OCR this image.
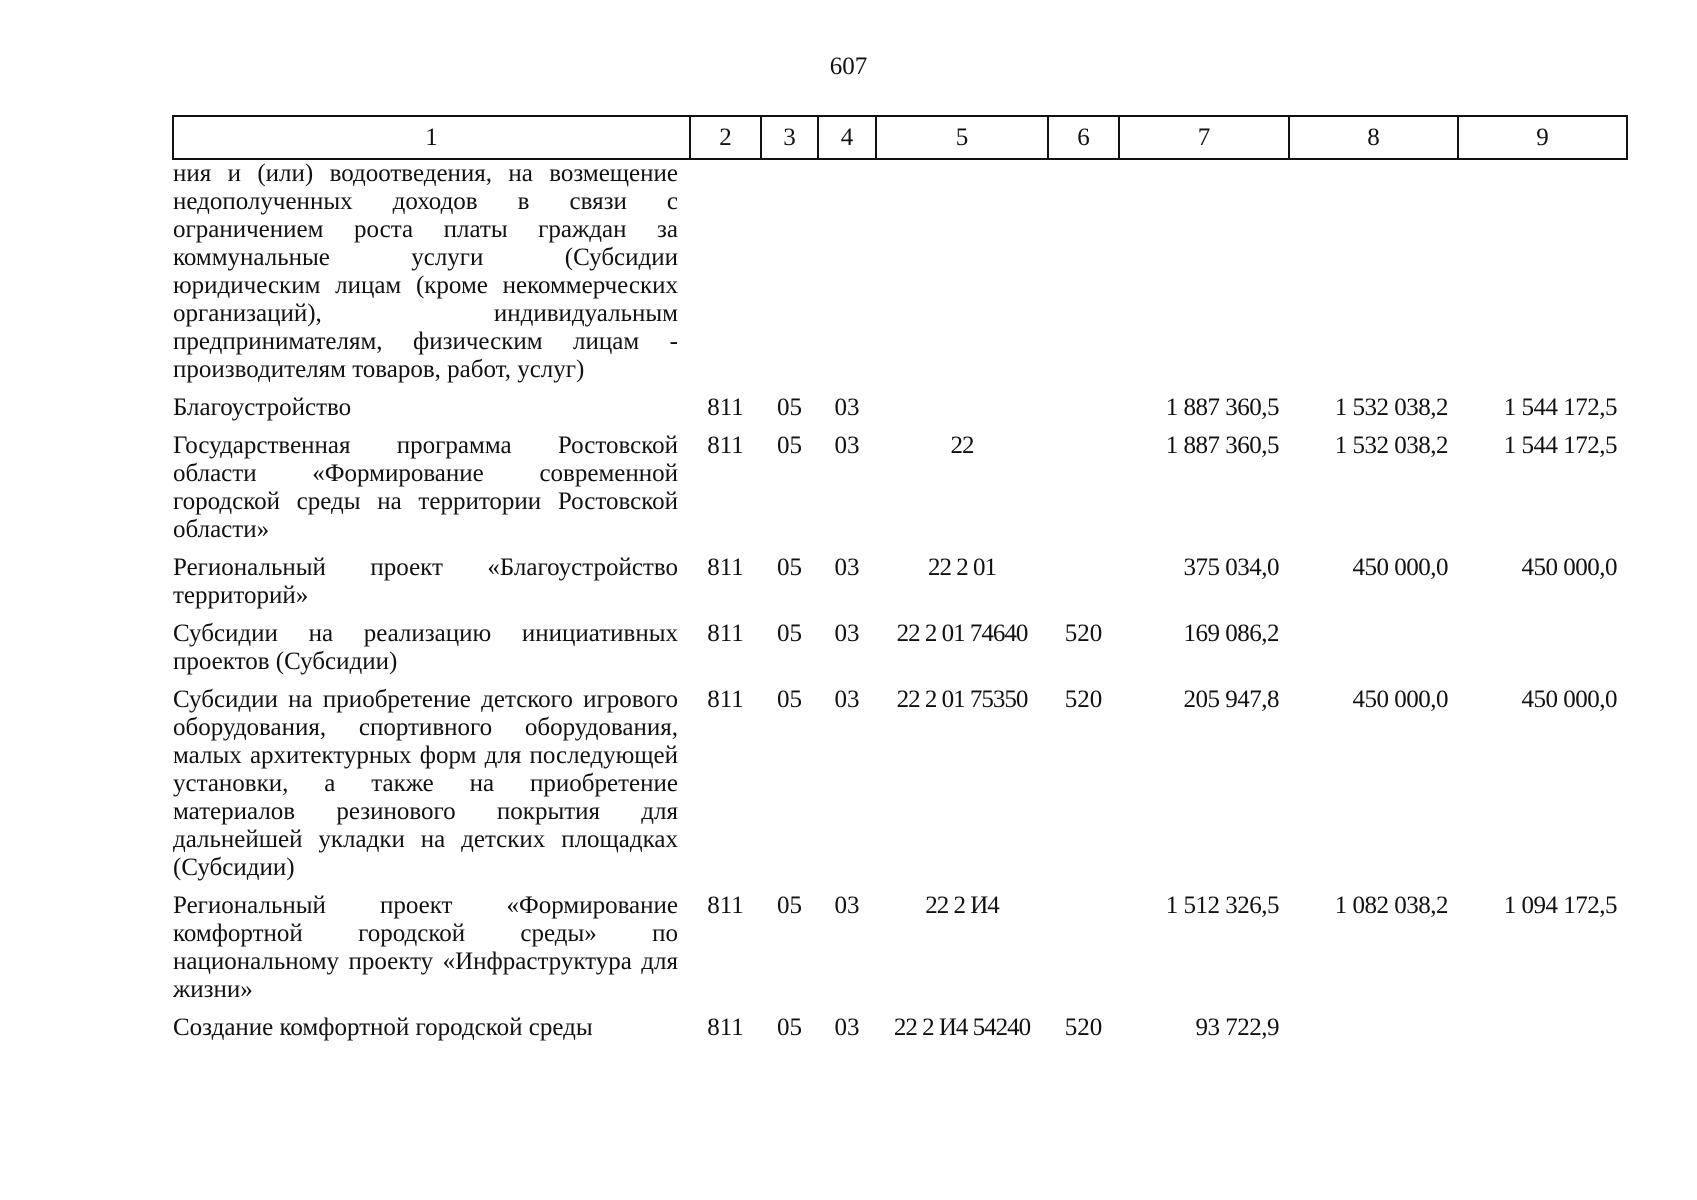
607
1	2	3	4	5	6	7	8	9

ния и (или) водоотведения, на возмещение недополученных доходов в связи с ограничением роста платы граждан за коммунальные услуги (Субсидии юридическим лицам (кроме некоммерческих организаций), индивидуальным предпринимателям, физическим лицам - производителям товаров, работ, услуг)								

Благоустройство	811	05	03			1 887 360,5	1 532 038,2	1 544 172,5

Государственная программа Ростовской области «Формирование современной городской среды на территории Ростовской области»	811	05	03	22		1 887 360,5	1 532 038,2	1 544 172,5

Региональный проект «Благоустройство территорий»	811	05	03	22 2 01		375 034,0	450 000,0	450 000,0

Субсидии на реализацию инициативных проектов (Субсидии)	811	05	03	22 2 01 74640	520	169 086,2		

Субсидии на приобретение детского игрового оборудования, спортивного оборудования, малых архитектурных форм для последующей установки, а также на приобретение материалов резинового покрытия для дальнейшей укладки на детских площадках (Субсидии)	811	05	03	22 2 01 75350	520	205 947,8	450 000,0	450 000,0

Региональный проект «Формирование комфортной городской среды» по национальному проекту «Инфраструктура для жизни»	811	05	03	22 2 И4		1 512 326,5	1 082 038,2	1 094 172,5

Создание комфортной городской среды	811	05	03	22 2 И4 54240	520	93 722,9		
